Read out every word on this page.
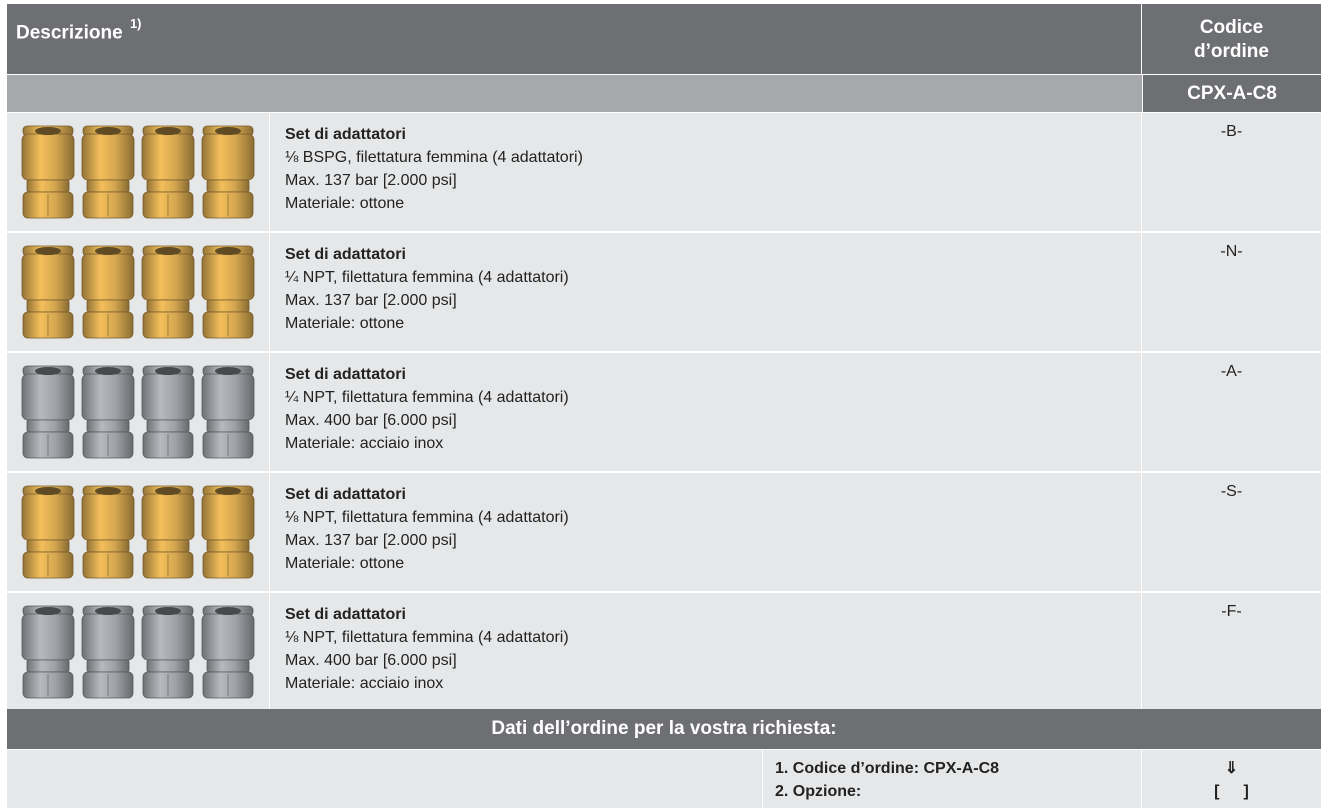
Descrizione $^{1)}$	Codice
d’ordine
CPX-A-C8
Set di adattatori
⅛ BSPG, filettatura femmina (4 adattatori)
Max. 137 bar [2.000 psi]
Materiale: ottone
-B-
Set di adattatori
¼ NPT, filettatura femmina (4 adattatori)
Max. 137 bar [2.000 psi]
Materiale: ottone
-N-
Set di adattatori
¼ NPT, filettatura femmina (4 adattatori)
Max. 400 bar [6.000 psi]
Materiale: acciaio inox
-A-
Set di adattatori
⅛ NPT, filettatura femmina (4 adattatori)
Max. 137 bar [2.000 psi]
Materiale: ottone
-S-
Set di adattatori
⅛ NPT, filettatura femmina (4 adattatori)
Max. 400 bar [6.000 psi]
Materiale: acciaio inox
-F-
Dati dell’ordine per la vostra richiesta:
1. Codice d’ordine: CPX-A-C8
2. Opzione:
⇓
[ ]
